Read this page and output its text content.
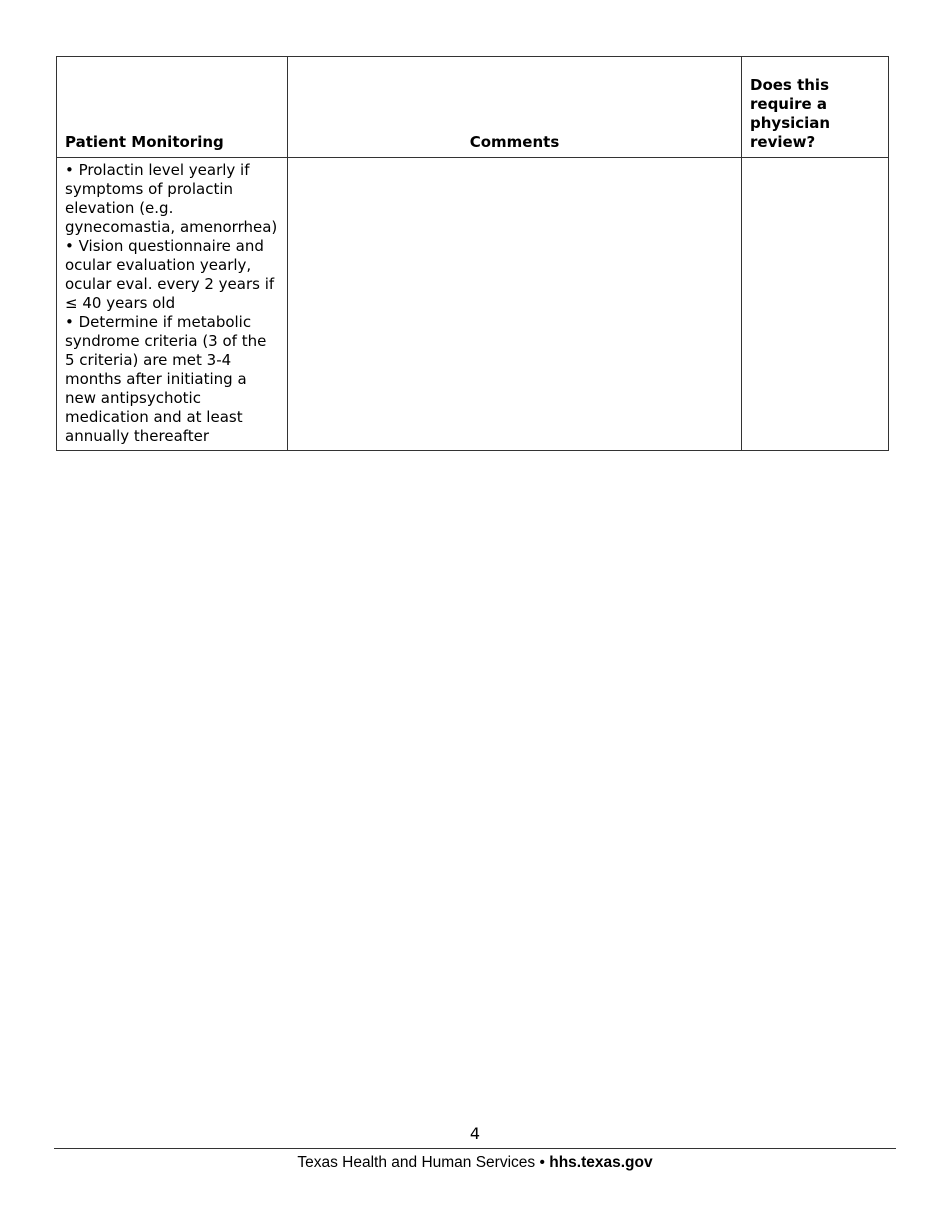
Patient Monitoring	Comments	Does this require a physician review?

• Prolactin level yearly if symptoms of prolactin elevation (e.g. gynecomastia, amenorrhea)
• Vision questionnaire and ocular evaluation yearly, ocular eval. every 2 years if ≤ 40 years old
• Determine if metabolic syndrome criteria (3 of the 5 criteria) are met 3-4 months after initiating a new antipsychotic medication and at least annually thereafter		

4
Texas Health and Human Services • hhs.texas.gov
